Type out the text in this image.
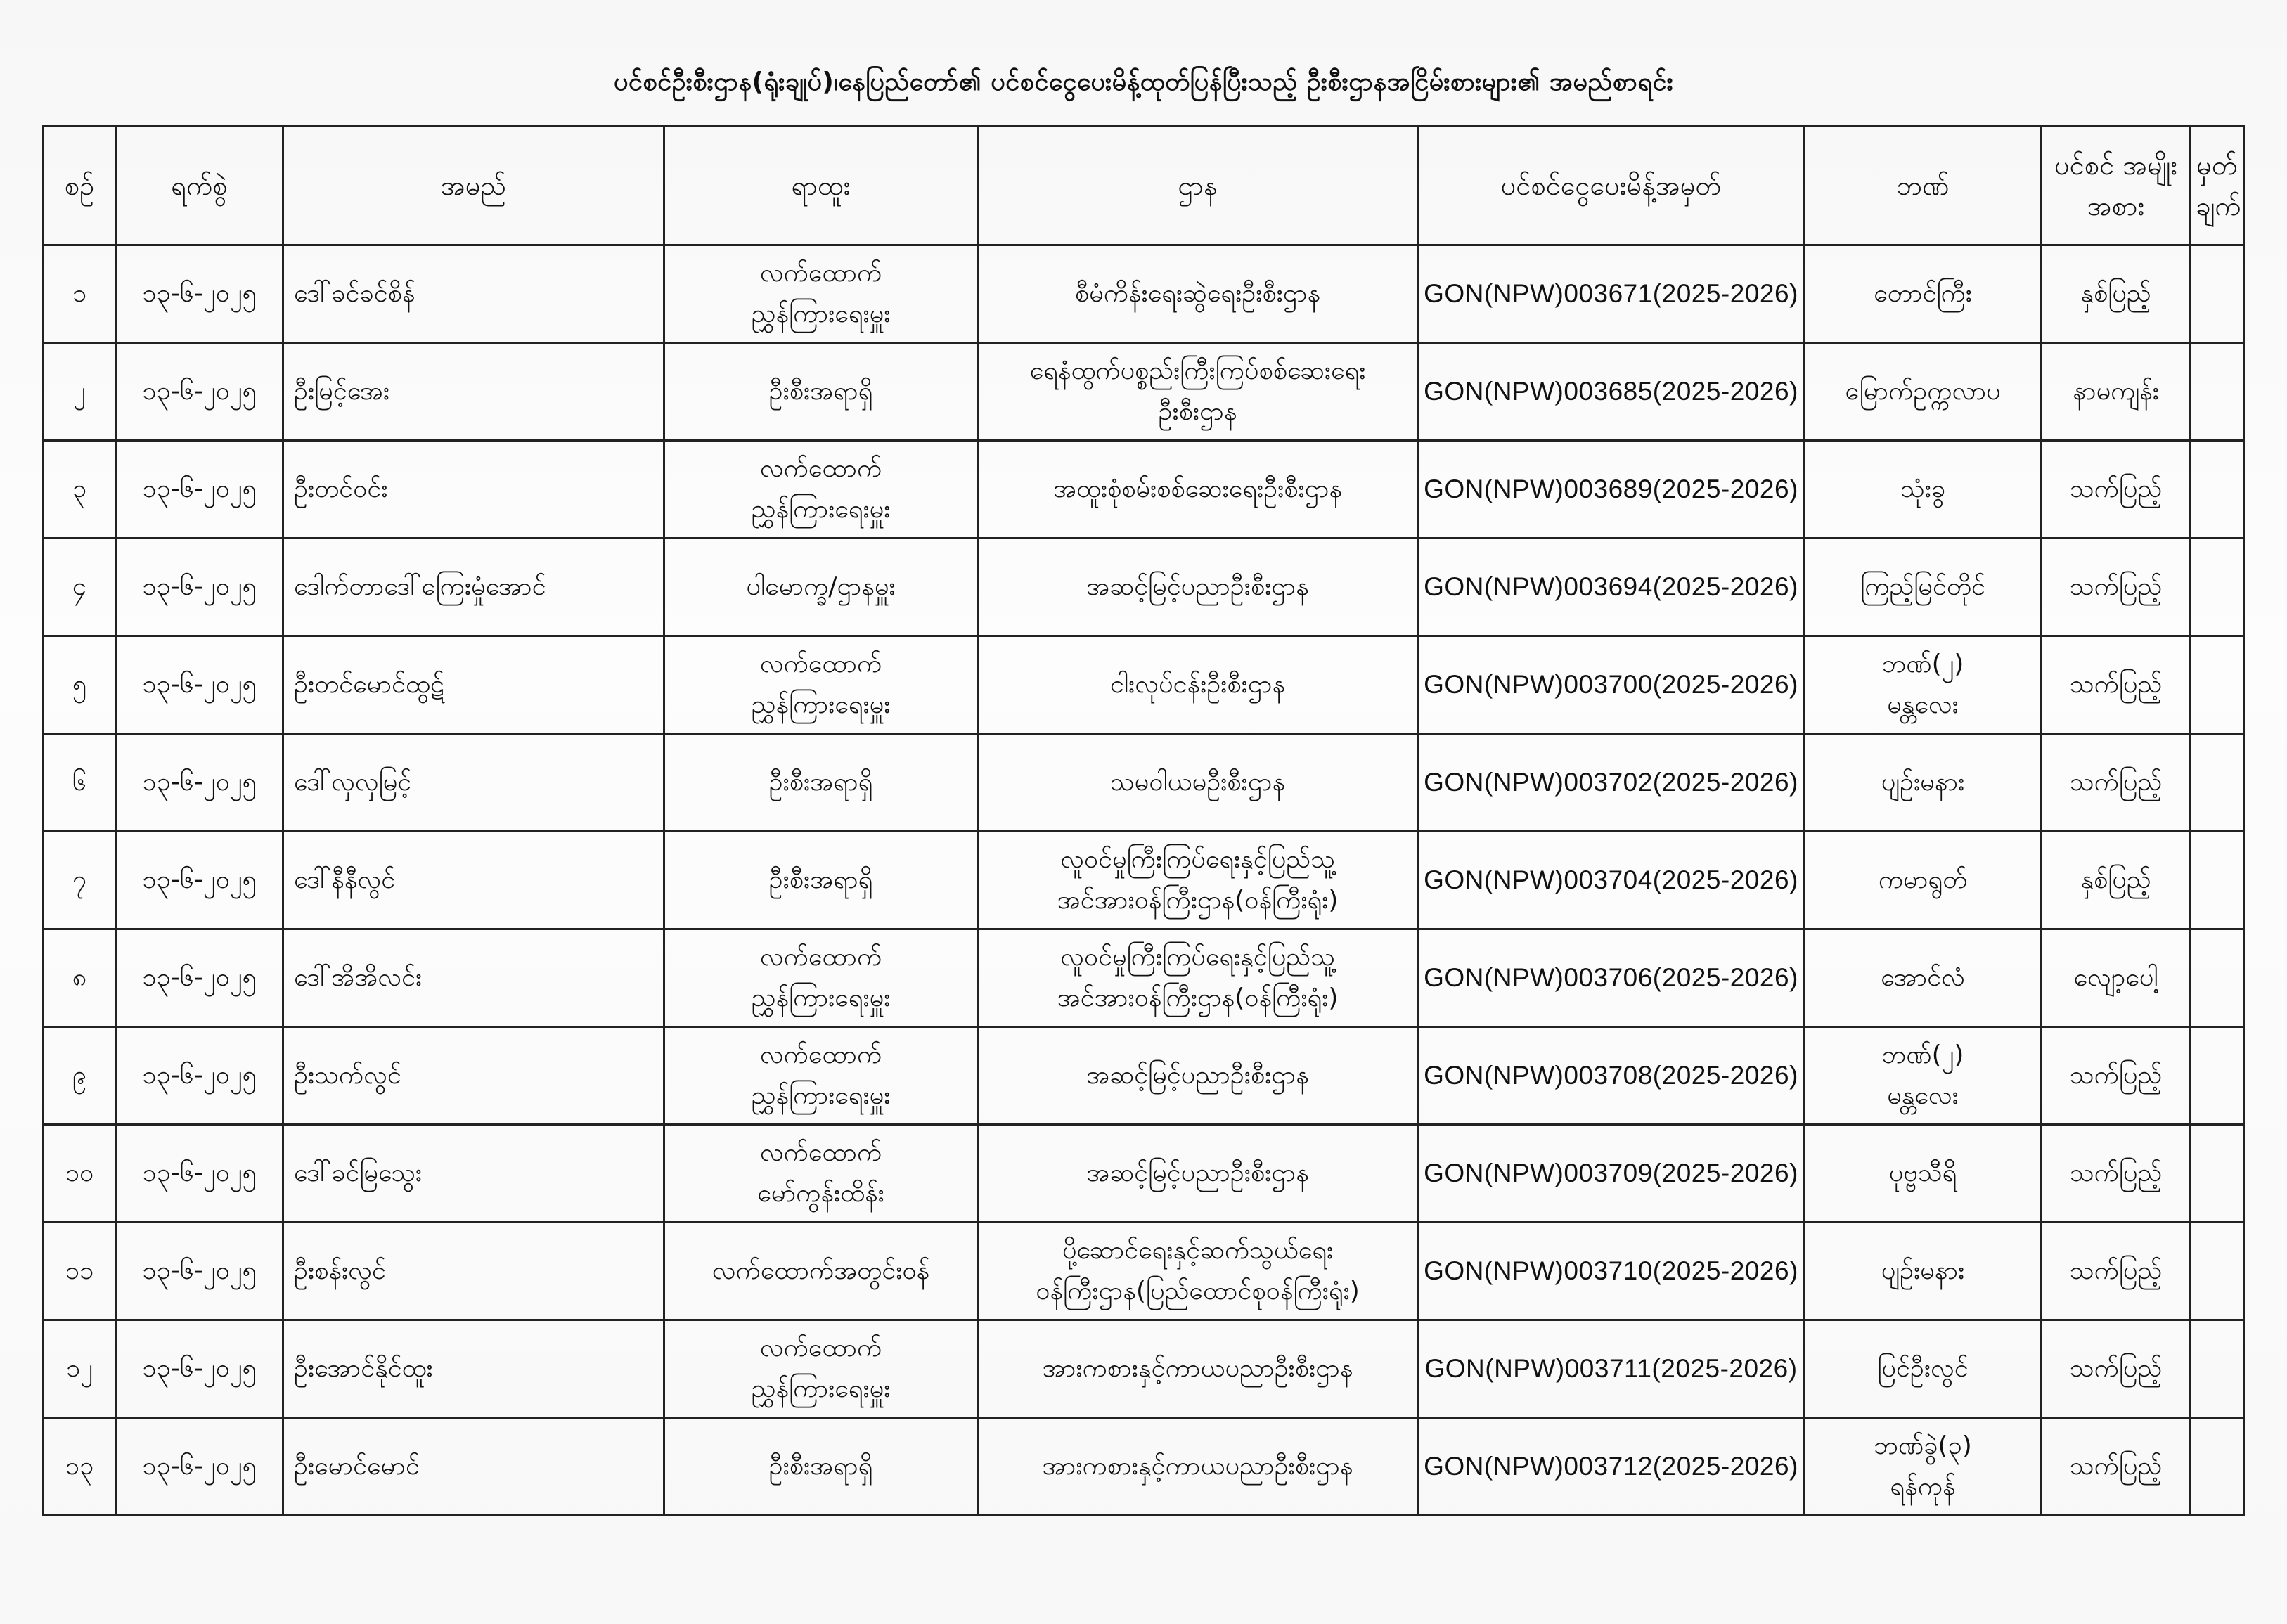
ပင်စင်ဦးစီးဌာန(ရုံးချုပ်)၊နေပြည်တော်၏ ပင်စင်ငွေပေးမိန့်ထုတ်ပြန်ပြီးသည့် ဦးစီးဌာနအငြိမ်းစားများ၏ အမည်စာရင်း
စဉ်	ရက်စွဲ	အမည်	ရာထူး	ဌာန	ပင်စင်ငွေပေးမိန့်အမှတ်	ဘဏ်	ပင်စင် အမျိုးအစား	မှတ် ချက်

၁	၁၃-၆-၂၀၂၅	ဒေါ်ခင်ခင်စိန်	လက်ထောက်
ညွှန်ကြားရေးမှူး	စီမံကိန်းရေးဆွဲရေးဦးစီးဌာန	GON(NPW)003671(2025-2026)	တောင်ကြီး	နှစ်ပြည့်	

၂	၁၃-၆-၂၀၂၅	ဦးမြင့်အေး	ဦးစီးအရာရှိ	ရေနံထွက်ပစ္စည်းကြီးကြပ်စစ်ဆေးရေး
ဦးစီးဌာန	GON(NPW)003685(2025-2026)	မြောက်ဥက္ကလာပ	နာမကျန်း	

၃	၁၃-၆-၂၀၂၅	ဦးတင်ဝင်း	လက်ထောက်
ညွှန်ကြားရေးမှူး	အထူးစုံစမ်းစစ်ဆေးရေးဦးစီးဌာန	GON(NPW)003689(2025-2026)	သုံးခွ	သက်ပြည့်	

၄	၁၃-၆-၂၀၂၅	ဒေါက်တာဒေါ်ကြေးမှုံအောင်	ပါမောက္ခ/ဌာနမှူး	အဆင့်မြင့်ပညာဦးစီးဌာန	GON(NPW)003694(2025-2026)	ကြည့်မြင်တိုင်	သက်ပြည့်	

၅	၁၃-၆-၂၀၂၅	ဦးတင်မောင်ထွဋ်	လက်ထောက်
ညွှန်ကြားရေးမှူး	ငါးလုပ်ငန်းဦးစီးဌာန	GON(NPW)003700(2025-2026)	ဘဏ်(၂)
မန္တလေး	သက်ပြည့်	

၆	၁၃-၆-၂၀၂၅	ဒေါ်လှလှမြင့်	ဦးစီးအရာရှိ	သမဝါယမဦးစီးဌာန	GON(NPW)003702(2025-2026)	ပျဉ်းမနား	သက်ပြည့်	

၇	၁၃-၆-၂၀၂၅	ဒေါ်နီနီလွင်	ဦးစီးအရာရှိ	လူဝင်မှုကြီးကြပ်ရေးနှင့်ပြည်သူ့
အင်အားဝန်ကြီးဌာန(ဝန်ကြီးရုံး)	GON(NPW)003704(2025-2026)	ကမာရွတ်	နှစ်ပြည့်	

၈	၁၃-၆-၂၀၂၅	ဒေါ်အိအိလင်း	လက်ထောက်
ညွှန်ကြားရေးမှူး	လူဝင်မှုကြီးကြပ်ရေးနှင့်ပြည်သူ့
အင်အားဝန်ကြီးဌာန(ဝန်ကြီးရုံး)	GON(NPW)003706(2025-2026)	အောင်လံ	လျော့ပေါ့	

၉	၁၃-၆-၂၀၂၅	ဦးသက်လွင်	လက်ထောက်
ညွှန်ကြားရေးမှူး	အဆင့်မြင့်ပညာဦးစီးဌာန	GON(NPW)003708(2025-2026)	ဘဏ်(၂)
မန္တလေး	သက်ပြည့်	

၁၀	၁၃-၆-၂၀၂၅	ဒေါ်ခင်မြသွေး	လက်ထောက်
မော်ကွန်းထိန်း	အဆင့်မြင့်ပညာဦးစီးဌာန	GON(NPW)003709(2025-2026)	ပုဗ္ဗသီရိ	သက်ပြည့်	

၁၁	၁၃-၆-၂၀၂၅	ဦးစန်းလွင်	လက်ထောက်အတွင်းဝန်	ပို့ဆောင်ရေးနှင့်ဆက်သွယ်ရေး
ဝန်ကြီးဌာန(ပြည်ထောင်စုဝန်ကြီးရုံး)	GON(NPW)003710(2025-2026)	ပျဉ်းမနား	သက်ပြည့်	

၁၂	၁၃-၆-၂၀၂၅	ဦးအောင်နိုင်ထူး	လက်ထောက်
ညွှန်ကြားရေးမှူး	အားကစားနှင့်ကာယပညာဦးစီးဌာန	GON(NPW)003711(2025-2026)	ပြင်ဦးလွင်	သက်ပြည့်	

၁၃	၁၃-၆-၂၀၂၅	ဦးမောင်မောင်	ဦးစီးအရာရှိ	အားကစားနှင့်ကာယပညာဦးစီးဌာန	GON(NPW)003712(2025-2026)	ဘဏ်ခွဲ(၃)
ရန်ကုန်	သက်ပြည့်	
